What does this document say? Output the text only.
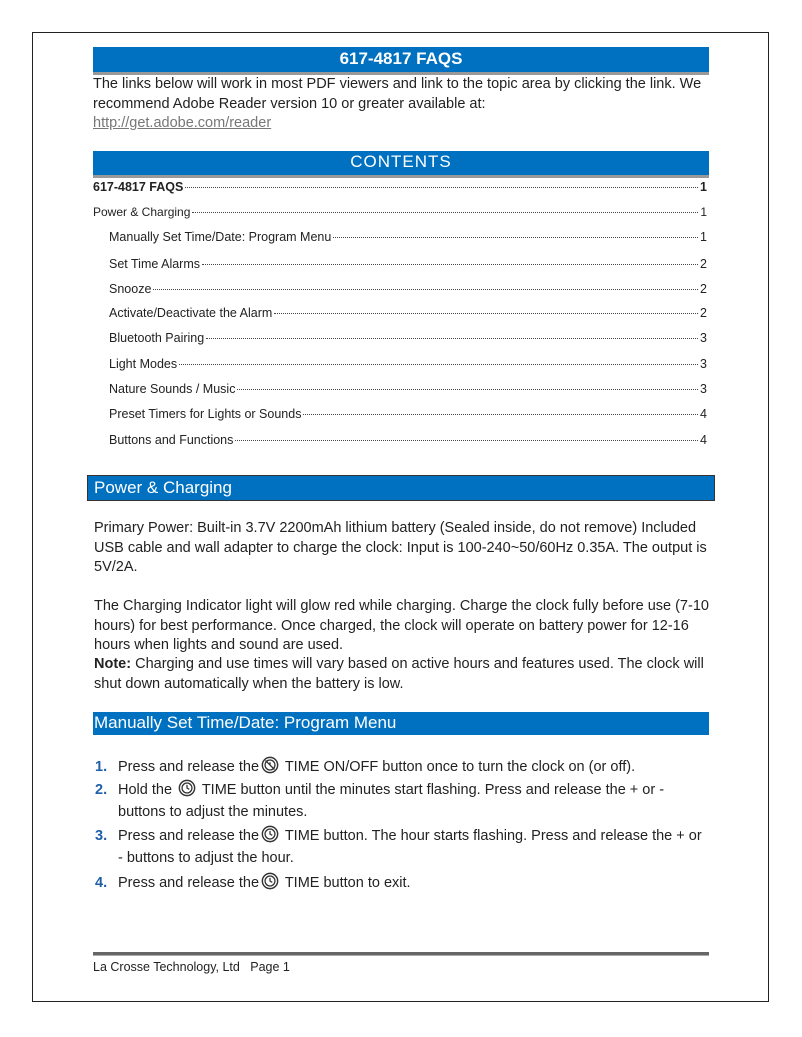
617-4817 FAQS
The links below will work in most PDF viewers and link to the topic area by clicking the link. We recommend Adobe Reader version 10 or greater available at:
http://get.adobe.com/reader
CONTENTS
617-4817 FAQS	1
Power & Charging	1
Manually Set Time/Date: Program Menu	1
Set Time Alarms	2
Snooze	2
Activate/Deactivate the Alarm	2
Bluetooth Pairing	3
Light Modes	3
Nature Sounds / Music	3
Preset Timers for Lights or Sounds	4
Buttons and Functions	4
Power & Charging
Primary Power: Built-in 3.7V 2200mAh lithium battery (Sealed inside, do not remove) Included USB cable and wall adapter to charge the clock: Input is 100-240~50/60Hz 0.35A. The output is 5V/2A.
The Charging Indicator light will glow red while charging. Charge the clock fully before use (7-10 hours) for best performance. Once charged, the clock will operate on battery power for 12-16 hours when lights and sound are used.
Note: Charging and use times will vary based on active hours and features used. The clock will shut down automatically when the battery is low.
Manually Set Time/Date: Program Menu
1. Press and release the TIME ON/OFF button once to turn the clock on (or off).
2. Hold the  TIME button until the minutes start flashing. Press and release the + or - buttons to adjust the minutes.
3. Press and release the TIME button. The hour starts flashing. Press and release the + or - buttons to adjust the hour.
4. Press and release the TIME button to exit.
La Crosse Technology, Ltd   Page 1
